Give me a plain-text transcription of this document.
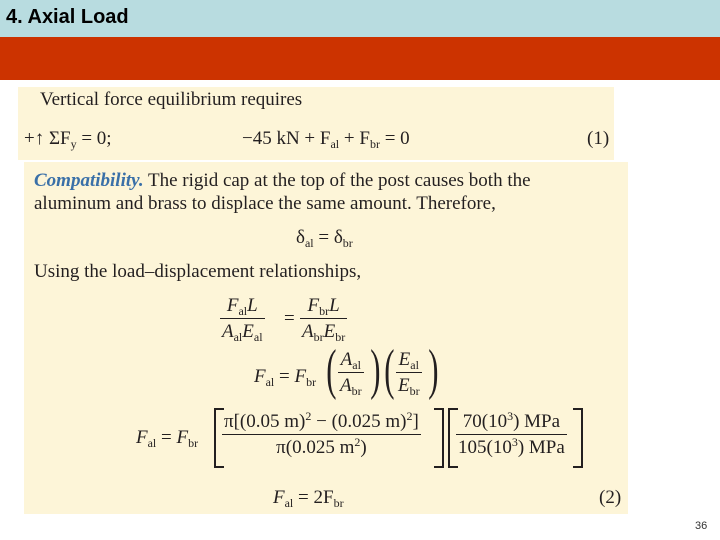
4. Axial Load
Vertical force equilibrium requires
+↑ $\Sigma F_y = 0$;	−45 kN + $F_{al} + F_{br} = 0$	(1)
Compatibility. The rigid cap at the top of the post causes both the
aluminum and brass to displace the same amount. Therefore,
$\delta_{al} = \delta_{br}$
Using the load–displacement relationships,
$F_{al}L$
$A_{al}E_{al}$
=
$F_{br}L$
$A_{br}E_{br}$
$F_{al} = F_{br}$ ( $A_{al}$
$A_{br}$ ) ( $E_{al}$
$E_{br}$ )
$F_{al} = F_{br} \frac{\pi[(0.05 m)^2 - (0.025 m)^2]}{\pi(0.025 m^2)}$	$70(10^3)$ MPa
$105(10^3)$ MPa
$F_{al} = 2F_{br}$	(2)
36
